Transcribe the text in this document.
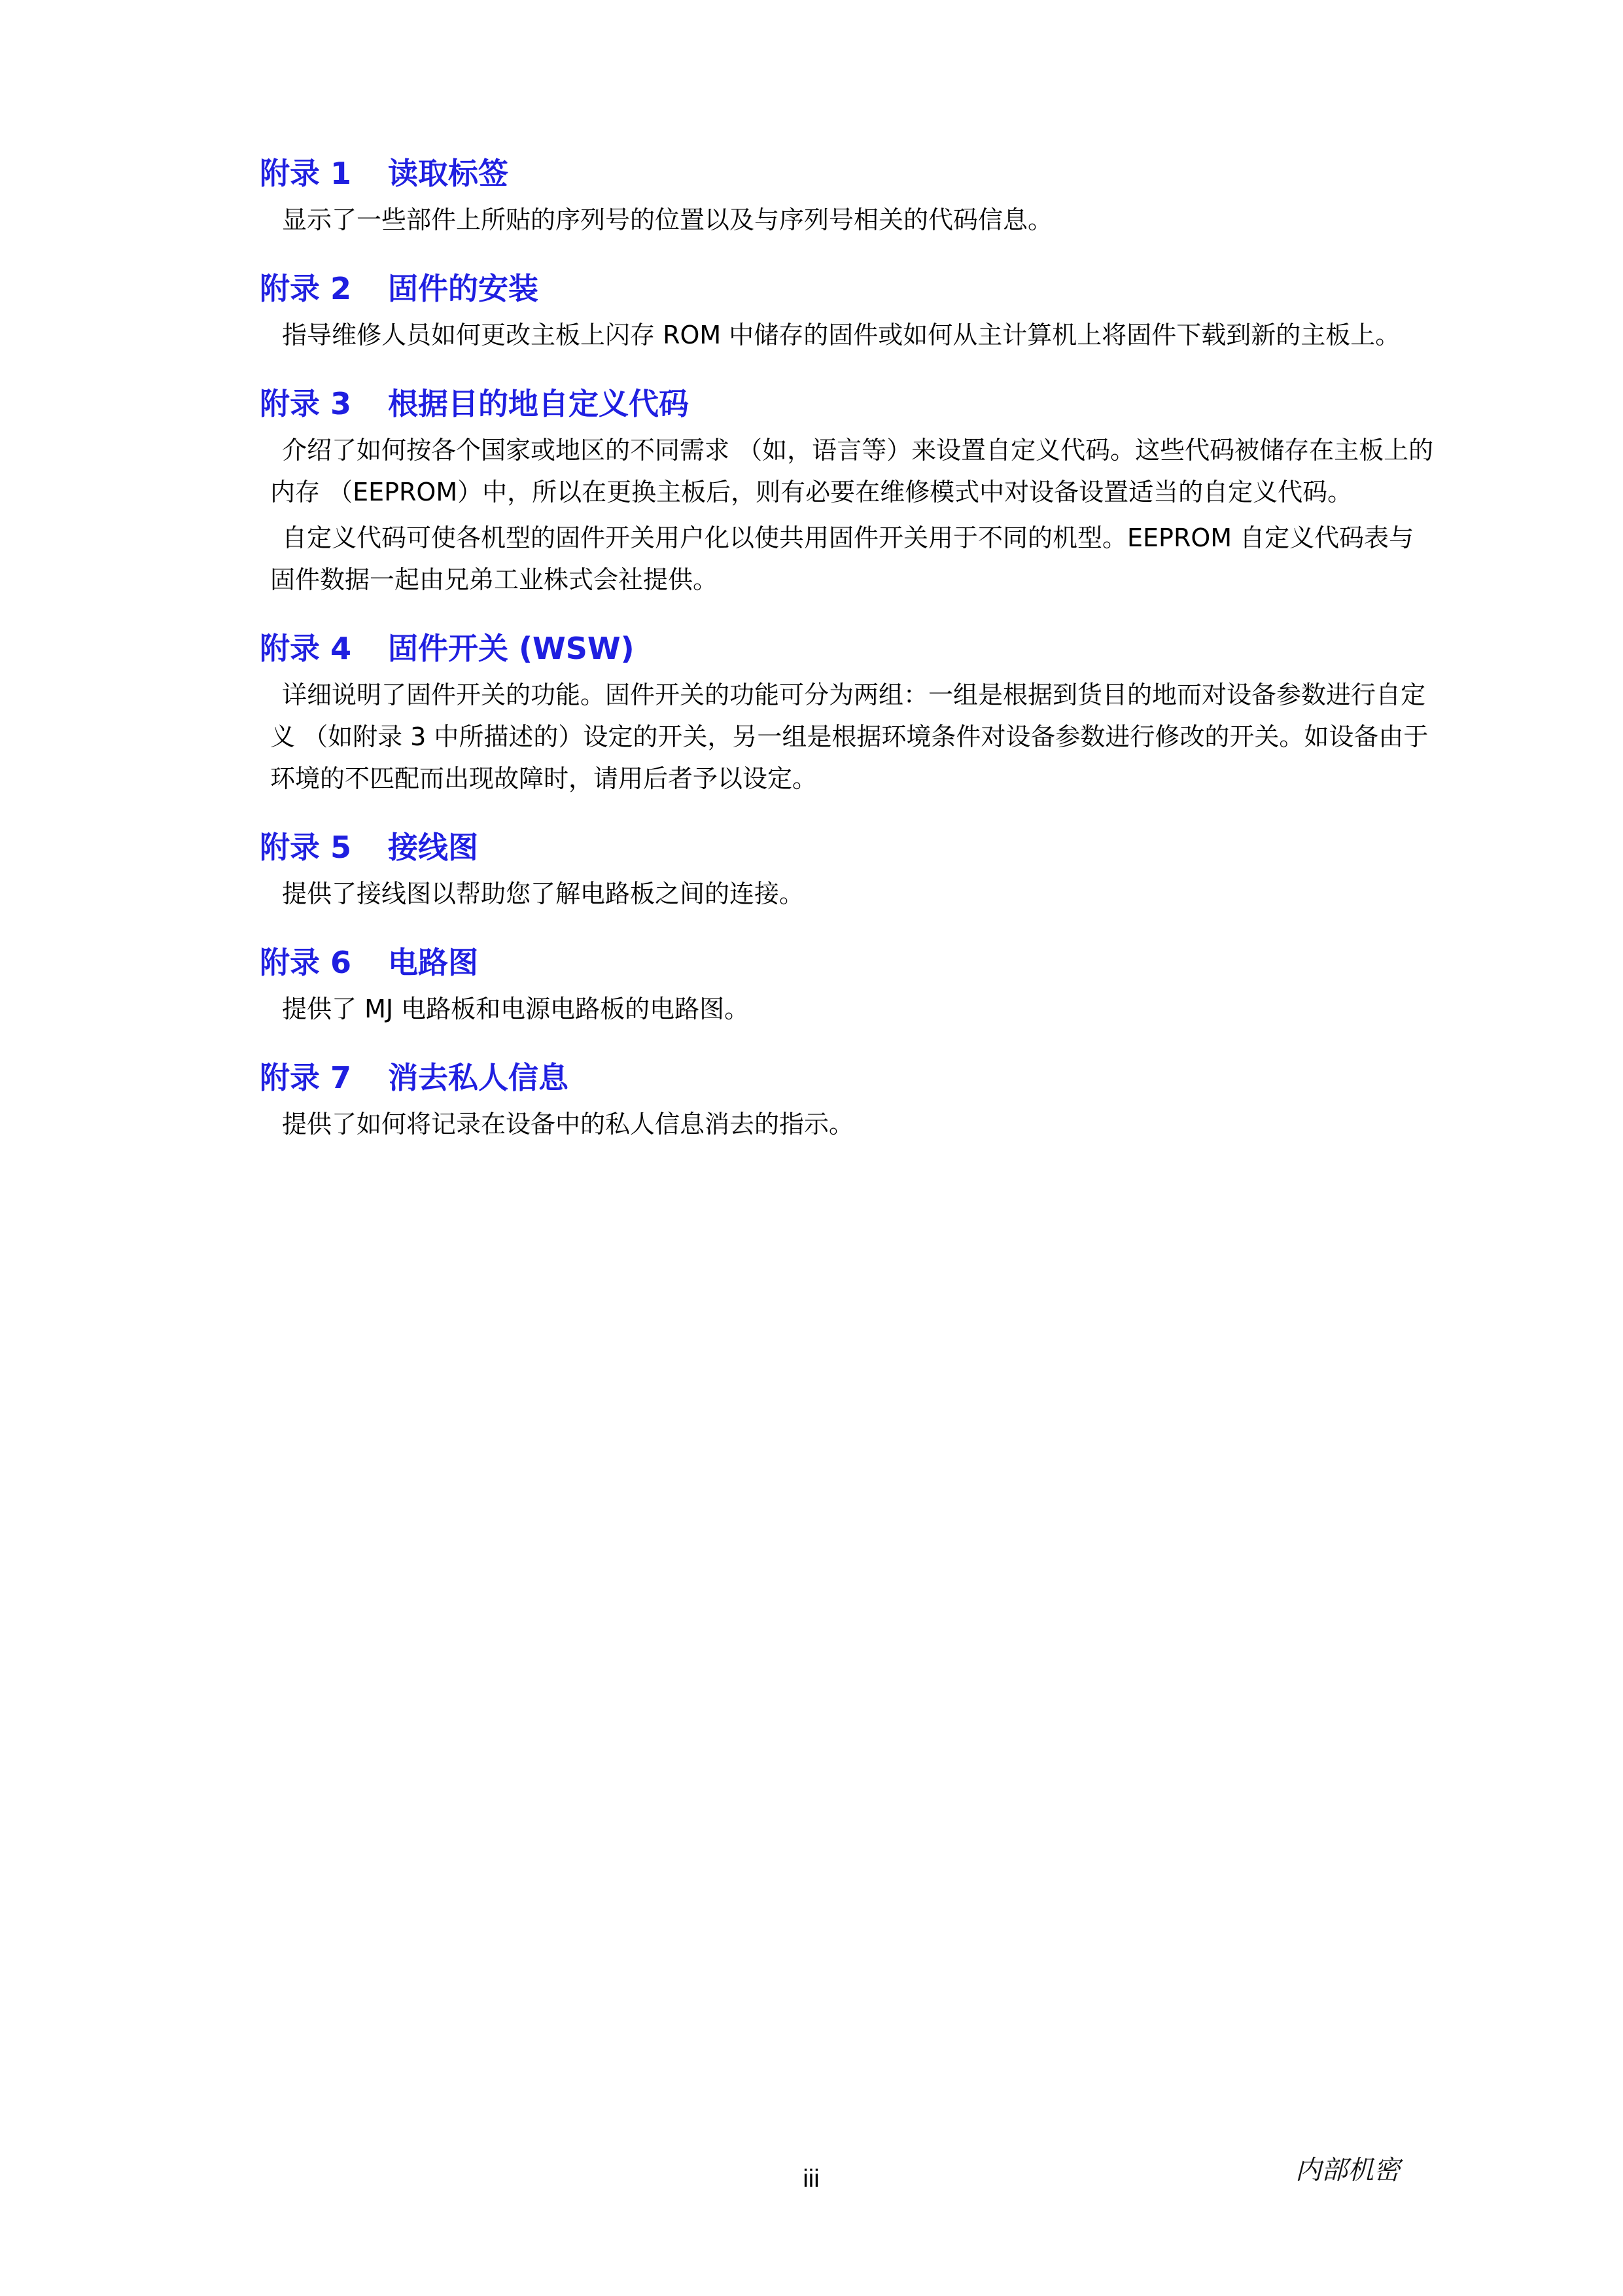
附录 1 读取标签
显示了一些部件上所贴的序列号的位置以及与序列号相关的代码信息。
附录 2 固件的安装
指导维修人员如何更改主板上闪存 ROM 中储存的固件或如何从主计算机上将固件下载到新的主板上。
附录 3 根据目的地自定义代码
介绍了如何按各个国家或地区的不同需求 （如，语言等）来设置自定义代码。这些代码被储存在主板上的内存 （EEPROM）中，所以在更换主板后，则有必要在维修模式中对设备设置适当的自定义代码。
自定义代码可使各机型的固件开关用户化以使共用固件开关用于不同的机型。EEPROM 自定义代码表与固件数据一起由兄弟工业株式会社提供。
附录 4 固件开关 (WSW)
详细说明了固件开关的功能。固件开关的功能可分为两组：一组是根据到货目的地而对设备参数进行自定义 （如附录 3 中所描述的）设定的开关，另一组是根据环境条件对设备参数进行修改的开关。如设备由于环境的不匹配而出现故障时，请用后者予以设定。
附录 5 接线图
提供了接线图以帮助您了解电路板之间的连接。
附录 6 电路图
提供了 MJ 电路板和电源电路板的电路图。
附录 7 消去私人信息
提供了如何将记录在设备中的私人信息消去的指示。
iii	内部机密
